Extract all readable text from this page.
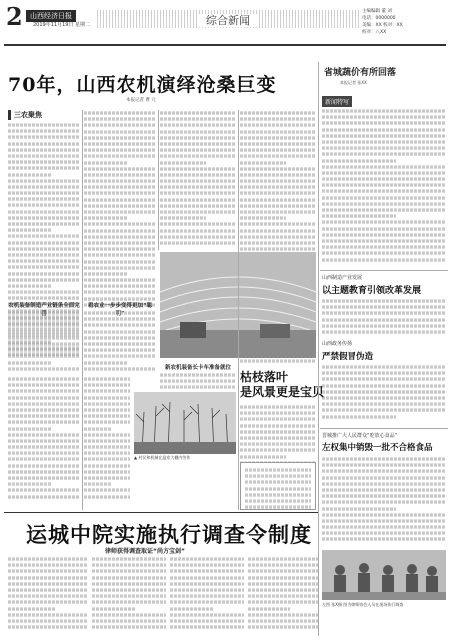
2	山西经济日报
2019年11月19日 星期二	综合新闻
主编编辑 董 刘
电话：0000000
美编：XX 校对：XX
校对：八XX
70年，山西农机演绎沧桑巨变
本报记者 曹 元
三农聚焦
农机装备制造产业链条全面完	看农业一步步变得更加“聪
新农机装备长卡车准备就位
省城蔬价有所回落
本报记者 张XX
新闻特写
山西制造产业发展
以主题教育引领改革发展
山西政务传扬
严禁假冒伪造
晋城推广大人民群众“吃放心食品”
左权集中销毁一批不合格食品
枯枝落叶
是风景更是宝贝
▲ 村民和机械在温室大棚内劳作
运城中院实施执行调查令制度
律师获得调查取证“尚方宝剑”
左图 张X摄 图为律师协会人员在现场执行调查
